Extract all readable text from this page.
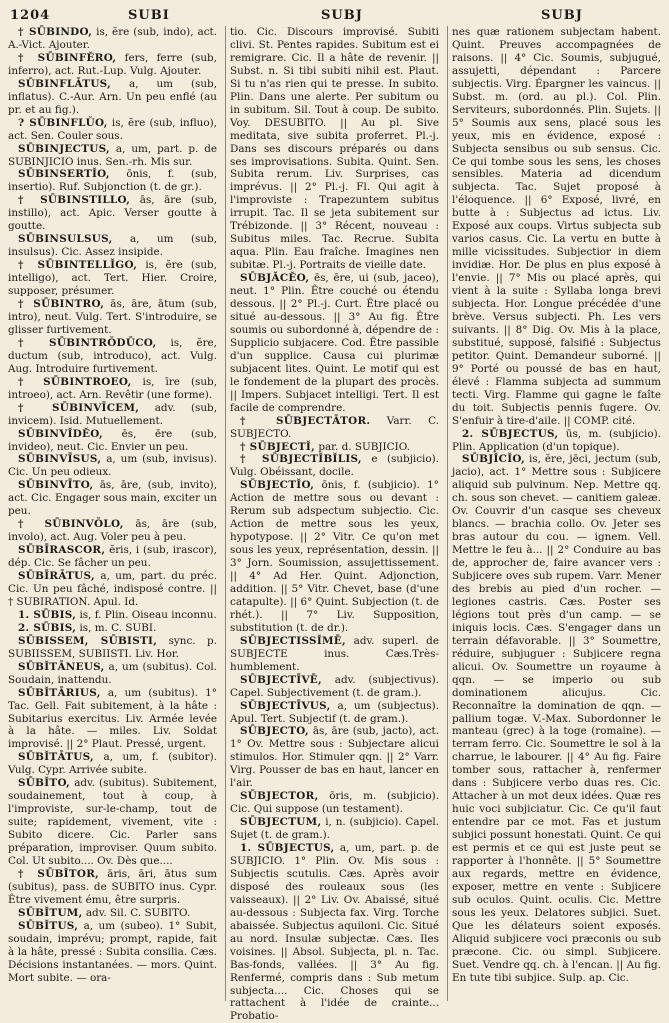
1204	SUBI	SUBJ	SUBJ

† SŪBINDO, is, ĕre (sub, indo), act. A.-Vict. Ajouter.

† SŪBINFĔRO, fers, ferre (sub, inferro), act. Rut.-Lup. Vulg. Ajouter.

SŪBINFLĀTUS, a, um (sub, inflatus). C.-Aur. Arn. Un peu enflé (au pr. et au fig.).

? SŪBINFLŬO, is, ĕre (sub, influo), act. Sen. Couler sous.

SŪBINJECTUS, a, um, part. p. de SUBINJICIO inus. Sen.-rh. Mis sur.

SŪBINSERTĬO, ōnis, f. (sub, insertio). Ruf. Subjonction (t. de gr.).

† SŪBINSTILLO, ās, āre (sub, instillo), act. Apic. Verser goutte à goutte.

SŪBINSULSUS, a, um (sub, insulsus). Cic. Assez insipide.

† SŪBINTELLĬGO, is, ĕre (sub, intelligo), act. Tert. Hier. Croire, supposer, présumer.

† SŪBINTRO, ās, āre, ātum (sub, intro), neut. Vulg. Tert. S'introduire, se glisser furtivement.

† SŪBINTRŎDŪCO, is, ĕre, ductum (sub, introduco), act. Vulg. Aug. Introduire furtivement.

† SŪBINTROEO, is, īre (sub, introeo), act. Arn. Revêtir (une forme).

† SŪBINVĪCEM, adv. (sub, invicem). Isid. Mutuellement.

SŪBINVĬDĔO, ēs, ēre (sub, invideo), neut. Cic. Envier un peu.

SŪBINVĪSUS, a, um (sub, invisus). Cic. Un peu odieux.

SŪBINVĪTO, ās, āre, (sub, invito), act. Cic. Engager sous main, exciter un peu.

† SŪBINVŎLO, ās, āre (sub, involo), act. Aug. Voler peu à peu.

SŪBĪRASCOR, ĕris, i (sub, irascor), dép. Cic. Se fâcher un peu.

SŪBĪRĀTUS, a, um, part. du préc. Cic. Un peu fâché, indisposé contre. || † SUBIRATION. Apul. Id.

1. SŪBIS, is, f. Plin. Oiseau inconnu.

2. SŪBIS, is, m. C. SUBI.

SŪBISSEM, SŪBISTI, sync. p. SUBIISSEM, SUBIISTI. Liv. Hor.

SŪBĬTĀNEUS, a, um (subitus). Col. Soudain, inattendu.

SŪBĬTĀRIUS, a, um (subitus). 1° Tac. Gell. Fait subitement, à la hâte : Subitarius exercitus. Liv. Armée levée à la hâte. — miles. Liv. Soldat improvisé. || 2° Plaut. Pressé, urgent.

SŪBĬTĀTUS, a, um, f. (subitor). Vulg. Cypr. Arrivée subite.

SŪBĬTO, adv. (subitus). Subitement, soudainement, tout à coup, à l'improviste, sur-le-champ, tout de suite; rapidement, vivement, vite : Subito dicere. Cic. Parler sans préparation, improviser. Quum subito. Col. Ut subito.... Ov. Dès que....

† SŪBĬTOR, āris, āri, ātus sum (subitus), pass. de SUBITO inus. Cypr. Être vivement ému, être surpris.

SŪBĬTUM, adv. Sil. C. SUBITO.

SŪBĬTUS, a, um (subeo). 1° Subit, soudain, imprévu; prompt, rapide, fait à la hâte, pressé : Subita consilia. Cæs. Décisions instantanées. — mors. Quint. Mort subite. — ora-

tio. Cic. Discours improvisé. Subiti clivi. St. Pentes rapides. Subitum est ei remigrare. Cic. Il a hâte de revenir. || Subst. n. Si tibi subiti nihil est. Plaut. Si tu n'as rien qui te presse. In subito. Plin. Dans une alerte. Per subitum ou in subitum. Sil. Tout à coup. De subito. Voy. DESUBITO. || Au pl. Sive meditata, sive subita proferret. Pl.-j. Dans ses discours préparés ou dans ses improvisations. Subita. Quint. Sen. Subita rerum. Liv. Surprises, cas imprévus. || 2° Pl.-j. Fl. Qui agit à l'improviste : Trapezuntem subitus irrupit. Tac. Il se jeta subitement sur Trébizonde. || 3° Récent, nouveau : Subitus miles. Tac. Recrue. Subita aqua. Plin. Eau fraîche. Imagines nen subitæ. Pl.-j. Portraits de vieille date.

SŪBJĂCĔO, ēs, ēre, ui (sub, jaceo), neut. 1° Plin. Être couché ou étendu dessous. || 2° Pl.-j. Curt. Être placé ou situé au-dessous. || 3° Au fig. Être soumis ou subordonné à, dépendre de : Supplicio subjacere. Cod. Être passible d'un supplice. Causa cui plurimæ subjacent lites. Quint. Le motif qui est le fondement de la plupart des procès. || Impers. Subjacet intelligi. Tert. Il est facile de comprendre.

† SŪBJECTĀTOR. Varr. C. SUBJECTO.

† SŪBJECTĬ, par. d. SUBJICIO.

† SŪBJECTĬBĬLIS, e (subjicio). Vulg. Obéissant, docile.

SŪBJECTĬO, ōnis, f. (subjicio). 1° Action de mettre sous ou devant : Rerum sub adspectum subjectio. Cic. Action de mettre sous les yeux, hypotypose. || 2° Vitr. Ce qu'on met sous les yeux, représentation, dessin. || 3° Jorn. Soumission, assujettissement. || 4° Ad Her. Quint. Adjonction, addition. || 5° Vitr. Chevet, base (d'une catapulte). || 6° Quint. Subjection (t. de rhét.). || 7° Liv. Supposition, substitution (t. de dr.).

SŪBJECTISSĬMĒ, adv. superl. de SUBJECTE inus. Cæs.Très-humblement.

SŪBJECTĪVĒ, adv. (subjectivus). Capel. Subjectivement (t. de gram.).

SŪBJECTĪVUS, a, um (subjectus). Apul. Tert. Subjectif (t. de gram.).

SŪBJECTO, ās, āre (sub, jacto), act. 1° Ov. Mettre sous : Subjectare alicui stimulos. Hor. Stimuler qqn. || 2° Varr. Virg. Pousser de bas en haut, lancer en l'air.

SŪBJECTOR, ōris, m. (subjicio). Cic. Qui suppose (un testament).

SŪBJECTUM, i, n. (subjicio). Capel. Sujet (t. de gram.).

1. SŪBJECTUS, a, um, part. p. de SUBJICIO. 1° Plin. Ov. Mis sous : Subjectis scutulis. Cæs. Après avoir disposé des rouleaux sous (les vaisseaux). || 2° Liv. Ov. Abaissé, situé au-dessous : Subjecta fax. Virg. Torche abaissée. Subjectus aquiloni. Cic. Situé au nord. Insulæ subjectæ. Cæs. Iles voisines. || Absol. Subjecta, pl. n. Tac. Bas-fonds, vallées. || 3° Au fig. Renfermé, compris dans : Sub metum subjecta.... Cic. Choses qui se rattachent à l'idée de crainte... Probatio-

nes quæ rationem subjectam habent. Quint. Preuves accompagnées de raisons. || 4° Cic. Soumis, subjugué, assujetti, dépendant : Parcere subjectis. Virg. Épargner les vaincus. || Subst. m. (ord. au pl.). Col. Plin. Serviteurs, subordonnés. Plin. Sujets. || 5° Soumis aux sens, placé sous les yeux, mis en évidence, exposé : Subjecta sensibus ou sub sensus. Cic. Ce qui tombe sous les sens, les choses sensibles. Materia ad dicendum subjecta. Tac. Sujet proposé à l'éloquence. || 6° Exposé, livré, en butte à : Subjectus ad ictus. Liv. Exposé aux coups. Virtus subjecta sub varios casus. Cic. La vertu en butte à mille vicissitudes. Subjectior in diem invidiæ. Hor. De plus en plus exposé à l'envie. || 7° Mis ou placé après, qui vient à la suite : Syllaba longa brevi subjecta. Hor. Longue précédée d'une brève. Versus subjecti. Ph. Les vers suivants. || 8° Dig. Ov. Mis à la place, substitué, supposé, falsifié : Subjectus petitor. Quint. Demandeur suborné. || 9° Porté ou poussé de bas en haut, élevé : Flamma subjecta ad summum tecti. Virg. Flamme qui gagne le faîte du toit. Subjectis pennis fugere. Ov. S'enfuir à tire-d'aile. || COMP. cité.

2. SŪBJECTUS, ūs, m. (subjicio). Plin. Application (d'un topique).

SŪBJĬCĬO, is, ĕre, jēci, jectum (sub, jacio), act. 1° Mettre sous : Subjicere aliquid sub pulvinum. Nep. Mettre qq. ch. sous son chevet. — canitiem galeæ. Ov. Couvrir d'un casque ses cheveux blancs. — brachia collo. Ov. Jeter ses bras autour du cou. — ignem. Vell. Mettre le feu à... || 2° Conduire au bas de, approcher de, faire avancer vers : Subjicere oves sub rupem. Varr. Mener des brebis au pied d'un rocher. — legiones castris. Cæs. Poster ses légions tout près d'un camp. — se iniquis locis. Cæs. S'engager dans un terrain défavorable. || 3° Soumettre, réduire, subjuguer : Subjicere regna alicui. Ov. Soumettre un royaume à qqn. — se imperio ou sub dominationem alicujus. Cic. Reconnaître la domination de qqn. — pallium togæ. V.-Max. Subordonner le manteau (grec) à la toge (romaine). — terram ferro. Cic. Soumettre le sol à la charrue, le labourer. || 4° Au fig. Faire tomber sous, rattacher à, renfermer dans : Subjicere verbo duas res. Cic. Attacher à un mot deux idées. Quæ res huic voci subjiciatur. Cic. Ce qu'il faut entendre par ce mot. Fas et justum subjici possunt honestati. Quint. Ce qui est permis et ce qui est juste peut se rapporter à l'honnête. || 5° Soumettre aux regards, mettre en évidence, exposer, mettre en vente : Subjicere sub oculos. Quint. oculis. Cic. Mettre sous les yeux. Delatores subjici. Suet. Que les délateurs soient exposés. Aliquid subjicere voci præconis ou sub præcone. Cic. ou simpl. Subjicere. Suet. Vendre qq. ch. à l'encan. || Au fig. En tute tibi subjice. Sulp. ap. Cic.
